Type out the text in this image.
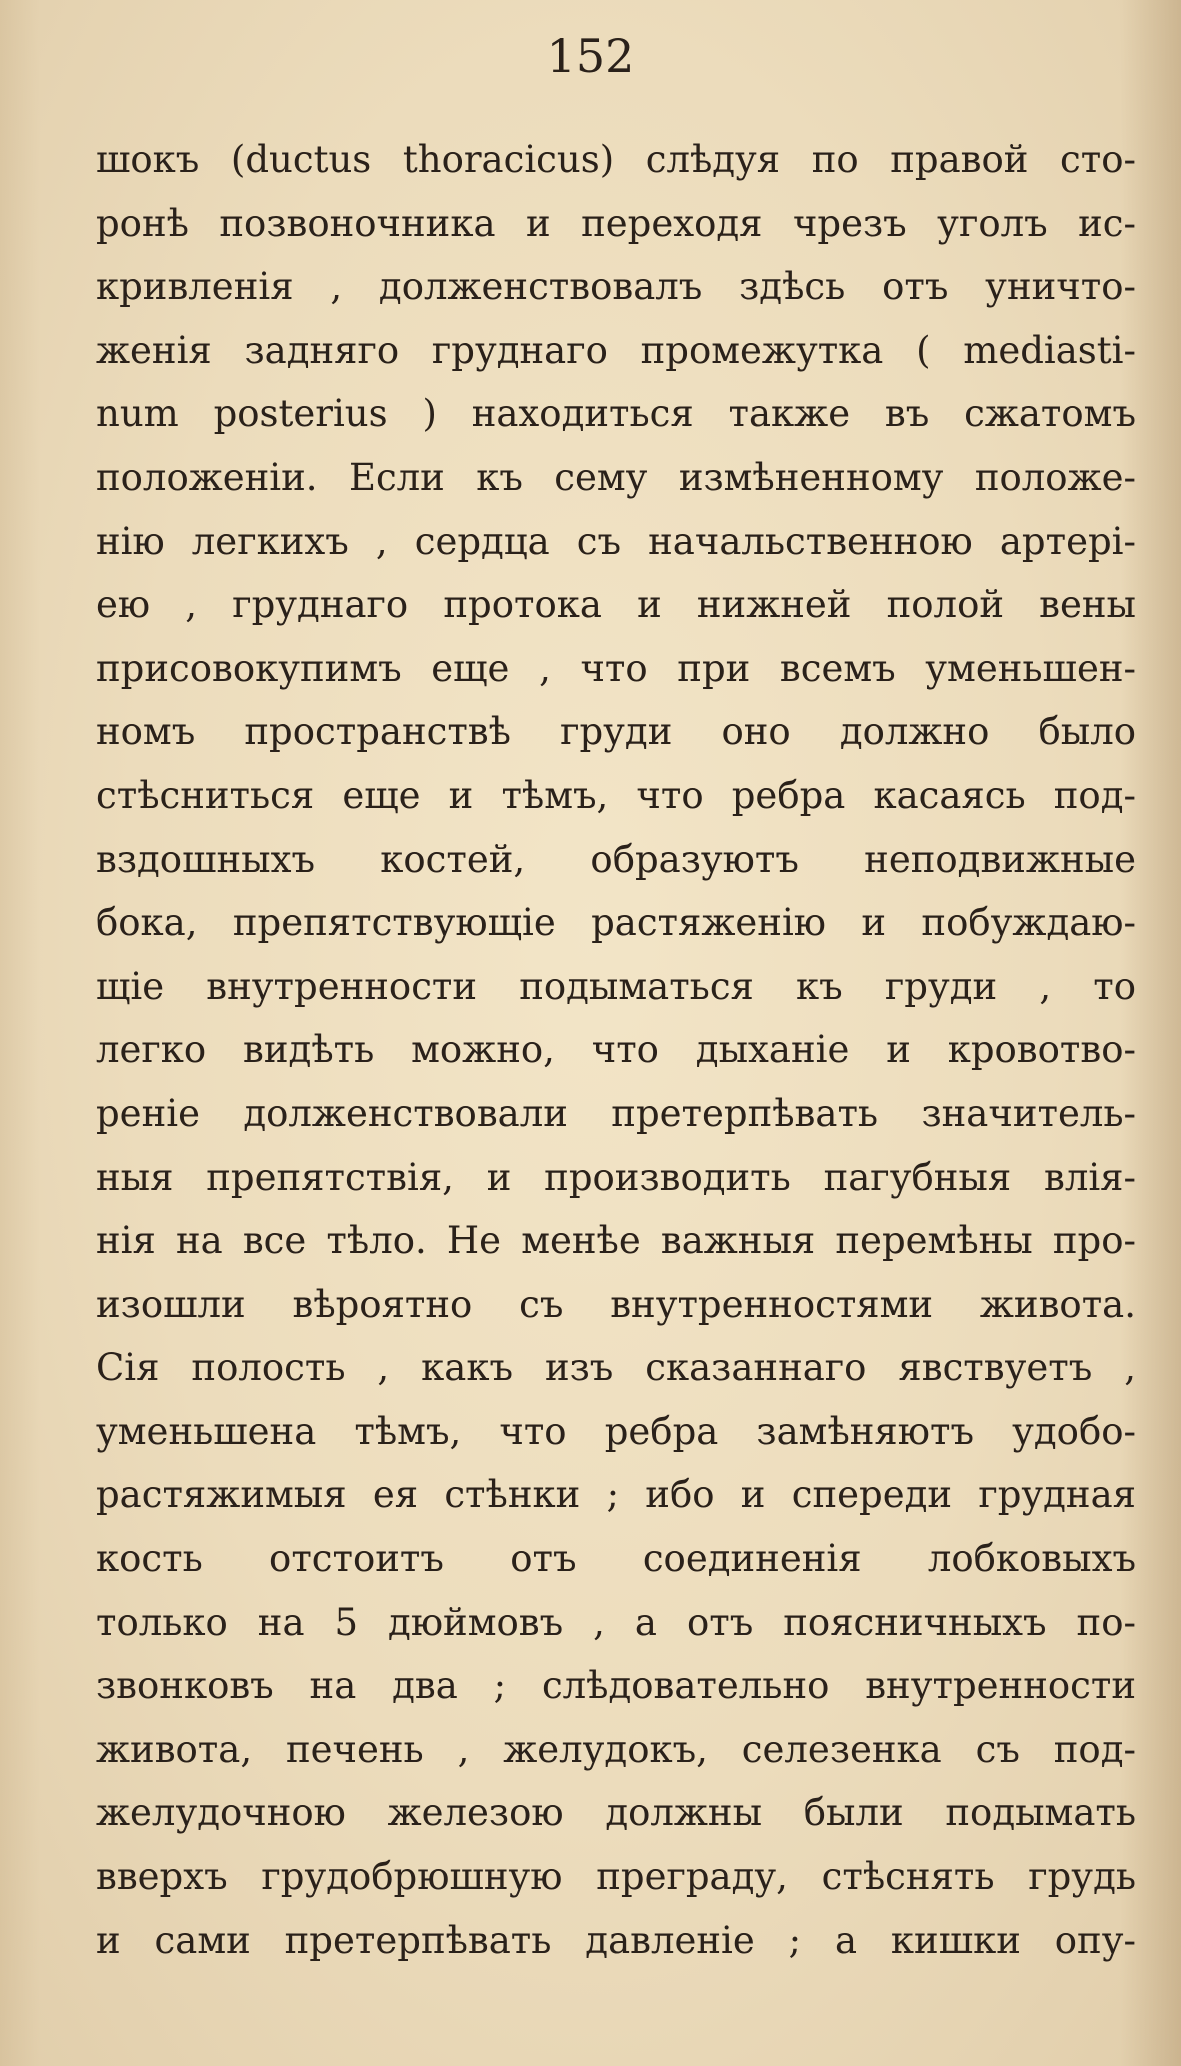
152
шокъ (ductus thoracicus) слѣдуя по правой сто-
ронѣ позвоночника и переходя чрезъ уголъ ис-
кривленія , долженствовалъ здѣсь отъ уничто-
женія задняго груднаго промежутка ( mediasti-
num posterius ) находиться также въ сжатомъ
положеніи. Если къ сему измѣненному положе-
нію легкихъ , сердца съ начальственною артері-
ею , груднаго протока и нижней полой вены
присовокупимъ еще , что при всемъ уменьшен-
номъ пространствѣ груди оно должно было
стѣсниться еще и тѣмъ, что ребра касаясь под-
вздошныхъ костей, образуютъ неподвижные
бока, препятствующіе растяженію и побуждаю-
щіе внутренности подыматься къ груди , то
легко видѣть можно, что дыханіе и кровотво-
реніе долженствовали претерпѣвать значитель-
ныя препятствія, и производить пагубныя влія-
нія на все тѣло. Не менѣе важныя перемѣны про-
изошли вѣроятно съ внутренностями живота.
Сія полость , какъ изъ сказаннаго явствуетъ ,
уменьшена тѣмъ, что ребра замѣняютъ удобо-
растяжимыя ея стѣнки ; ибо и спереди грудная
кость отстоитъ отъ соединенія лобковыхъ
только на 5 дюймовъ , а отъ поясничныхъ по-
звонковъ на два ; слѣдовательно внутренности
живота, печень , желудокъ, селезенка съ под-
желудочною железою должны были подымать
вверхъ грудобрюшную преграду, стѣснять грудь
и сами претерпѣвать давленіе ; а кишки опу-
